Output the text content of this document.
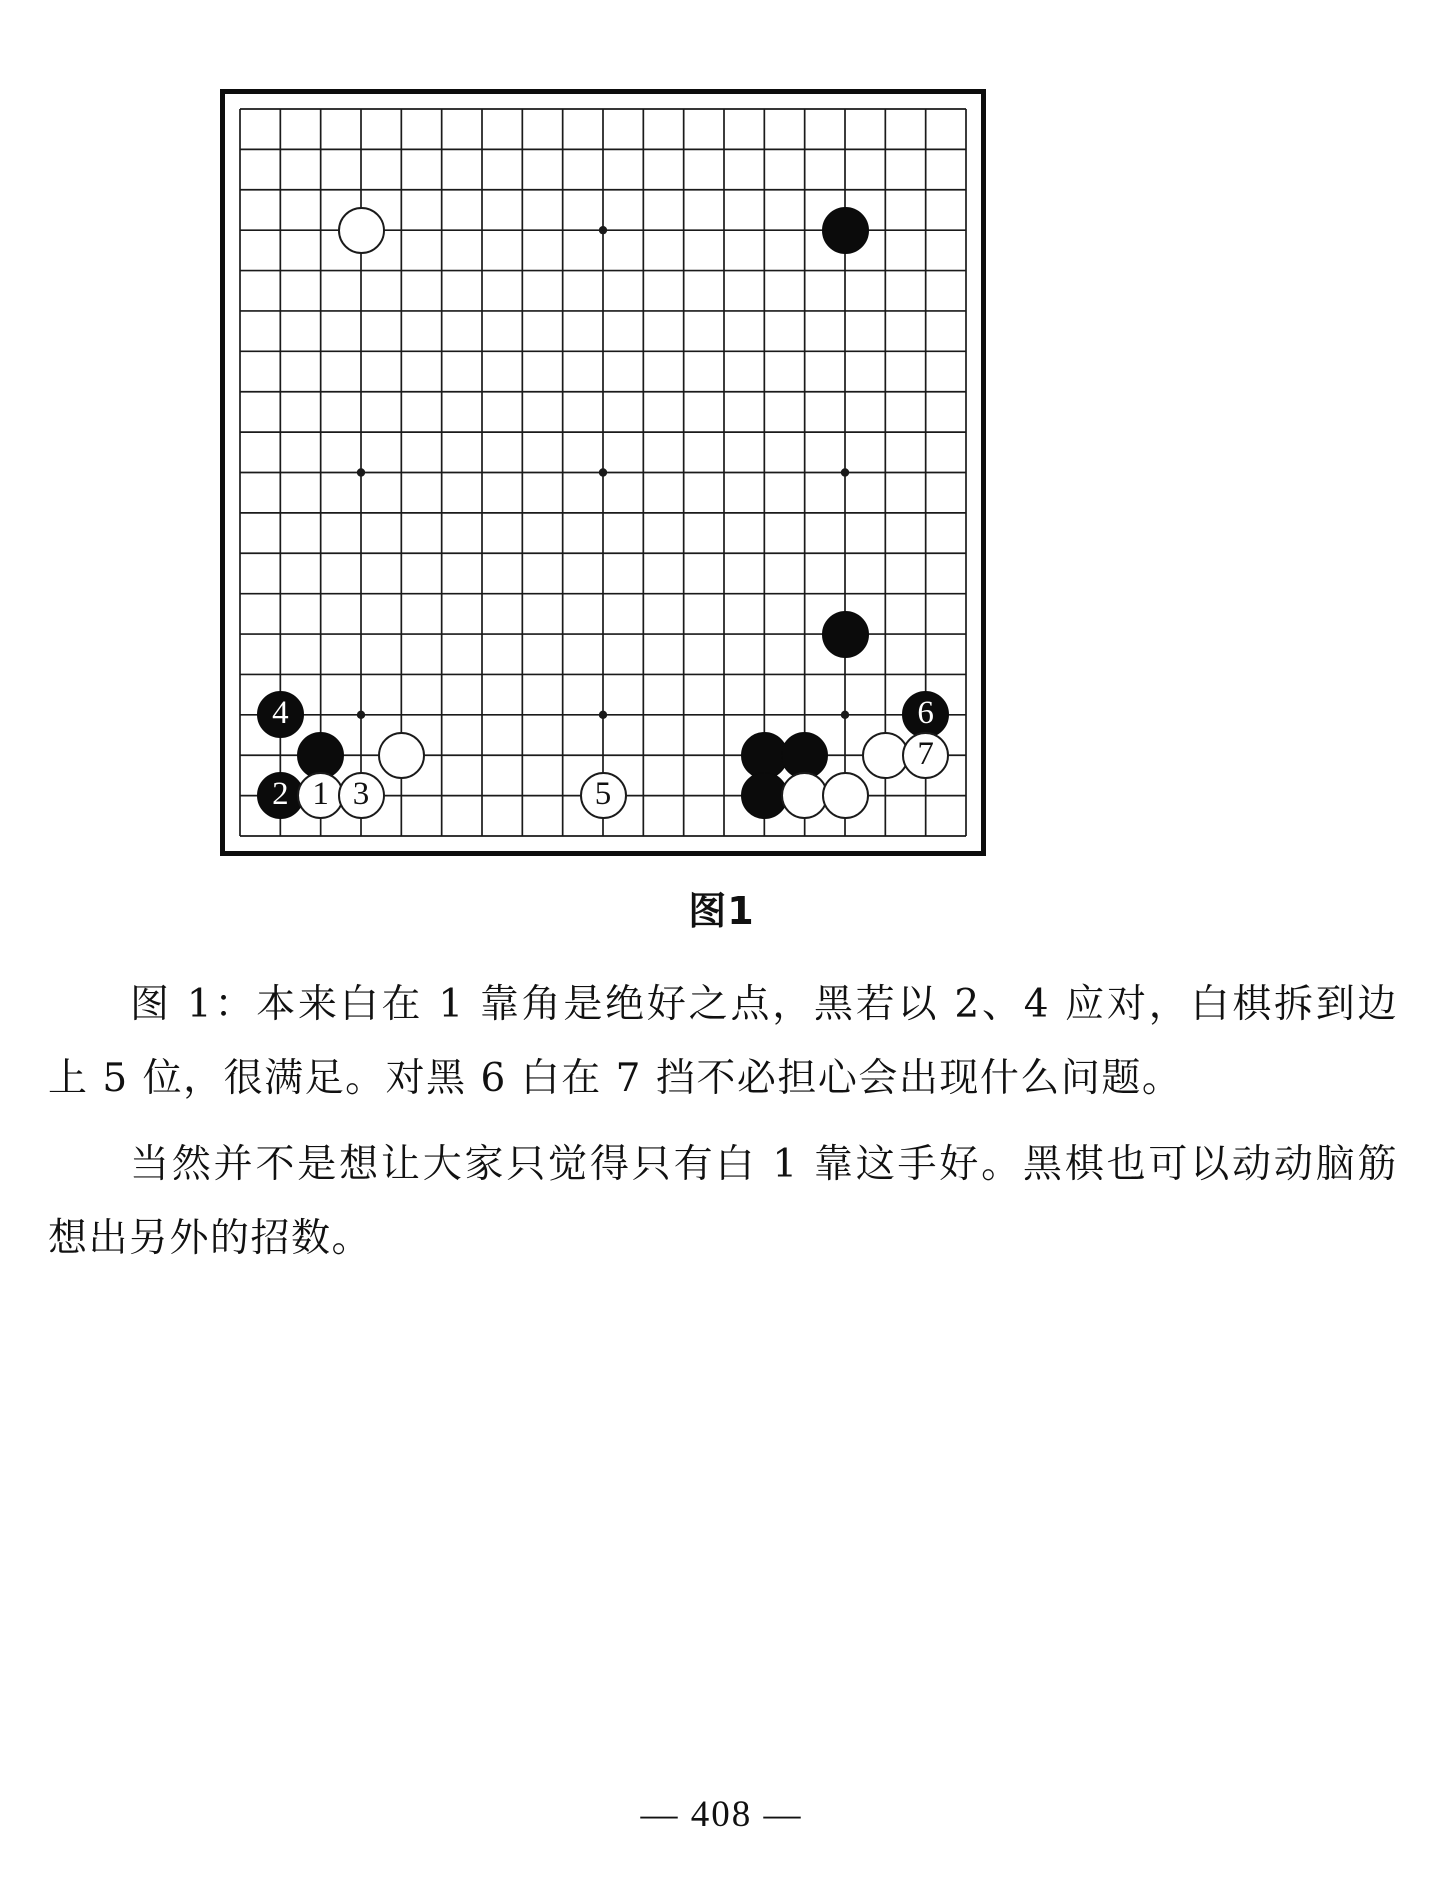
4
2 1 3	5
6
7
图1

图 1：本来白在 1 靠角是绝好之点，黑若以 2、4 应对，白棋拆到边上 5 位，很满足。对黑 6 白在 7 挡不必担心会出现什么问题。

当然并不是想让大家只觉得只有白 1 靠这手好。黑棋也可以动动脑筋想出另外的招数。

— 408 —
